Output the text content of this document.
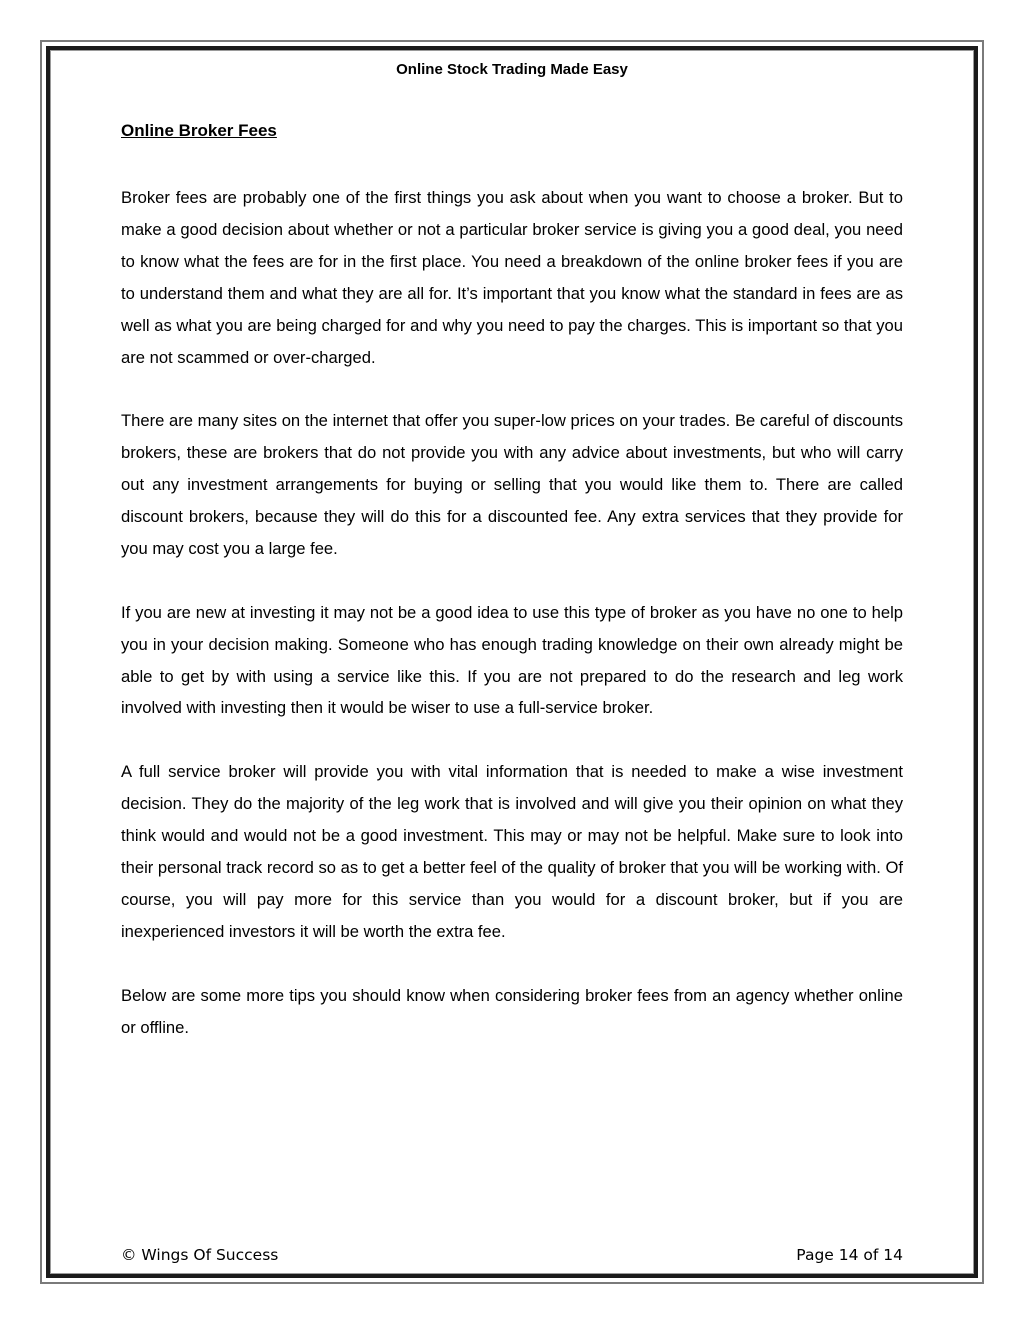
Online Stock Trading Made Easy
Online Broker Fees

Broker fees are probably one of the first things you ask about when you want to choose a broker. But to make a good decision about whether or not a particular broker service is giving you a good deal, you need to know what the fees are for in the first place. You need a breakdown of the online broker fees if you are to understand them and what they are all for. It’s important that you know what the standard in fees are as well as what you are being charged for and why you need to pay the charges. This is important so that you are not scammed or over-charged.

There are many sites on the internet that offer you super-low prices on your trades. Be careful of discounts brokers, these are brokers that do not provide you with any advice about investments, but who will carry out any investment arrangements for buying or selling that you would like them to. There are called discount brokers, because they will do this for a discounted fee. Any extra services that they provide for you may cost you a large fee.

If you are new at investing it may not be a good idea to use this type of broker as you have no one to help you in your decision making. Someone who has enough trading knowledge on their own already might be able to get by with using a service like this. If you are not prepared to do the research and leg work involved with investing then it would be wiser to use a full-service broker.

A full service broker will provide you with vital information that is needed to make a wise investment decision. They do the majority of the leg work that is involved and will give you their opinion on what they think would and would not be a good investment. This may or may not be helpful. Make sure to look into their personal track record so as to get a better feel of the quality of broker that you will be working with. Of course, you will pay more for this service than you would for a discount broker, but if you are inexperienced investors it will be worth the extra fee.

Below are some more tips you should know when considering broker fees from an agency whether online or offline.

© Wings Of Success	Page 14 of 14
